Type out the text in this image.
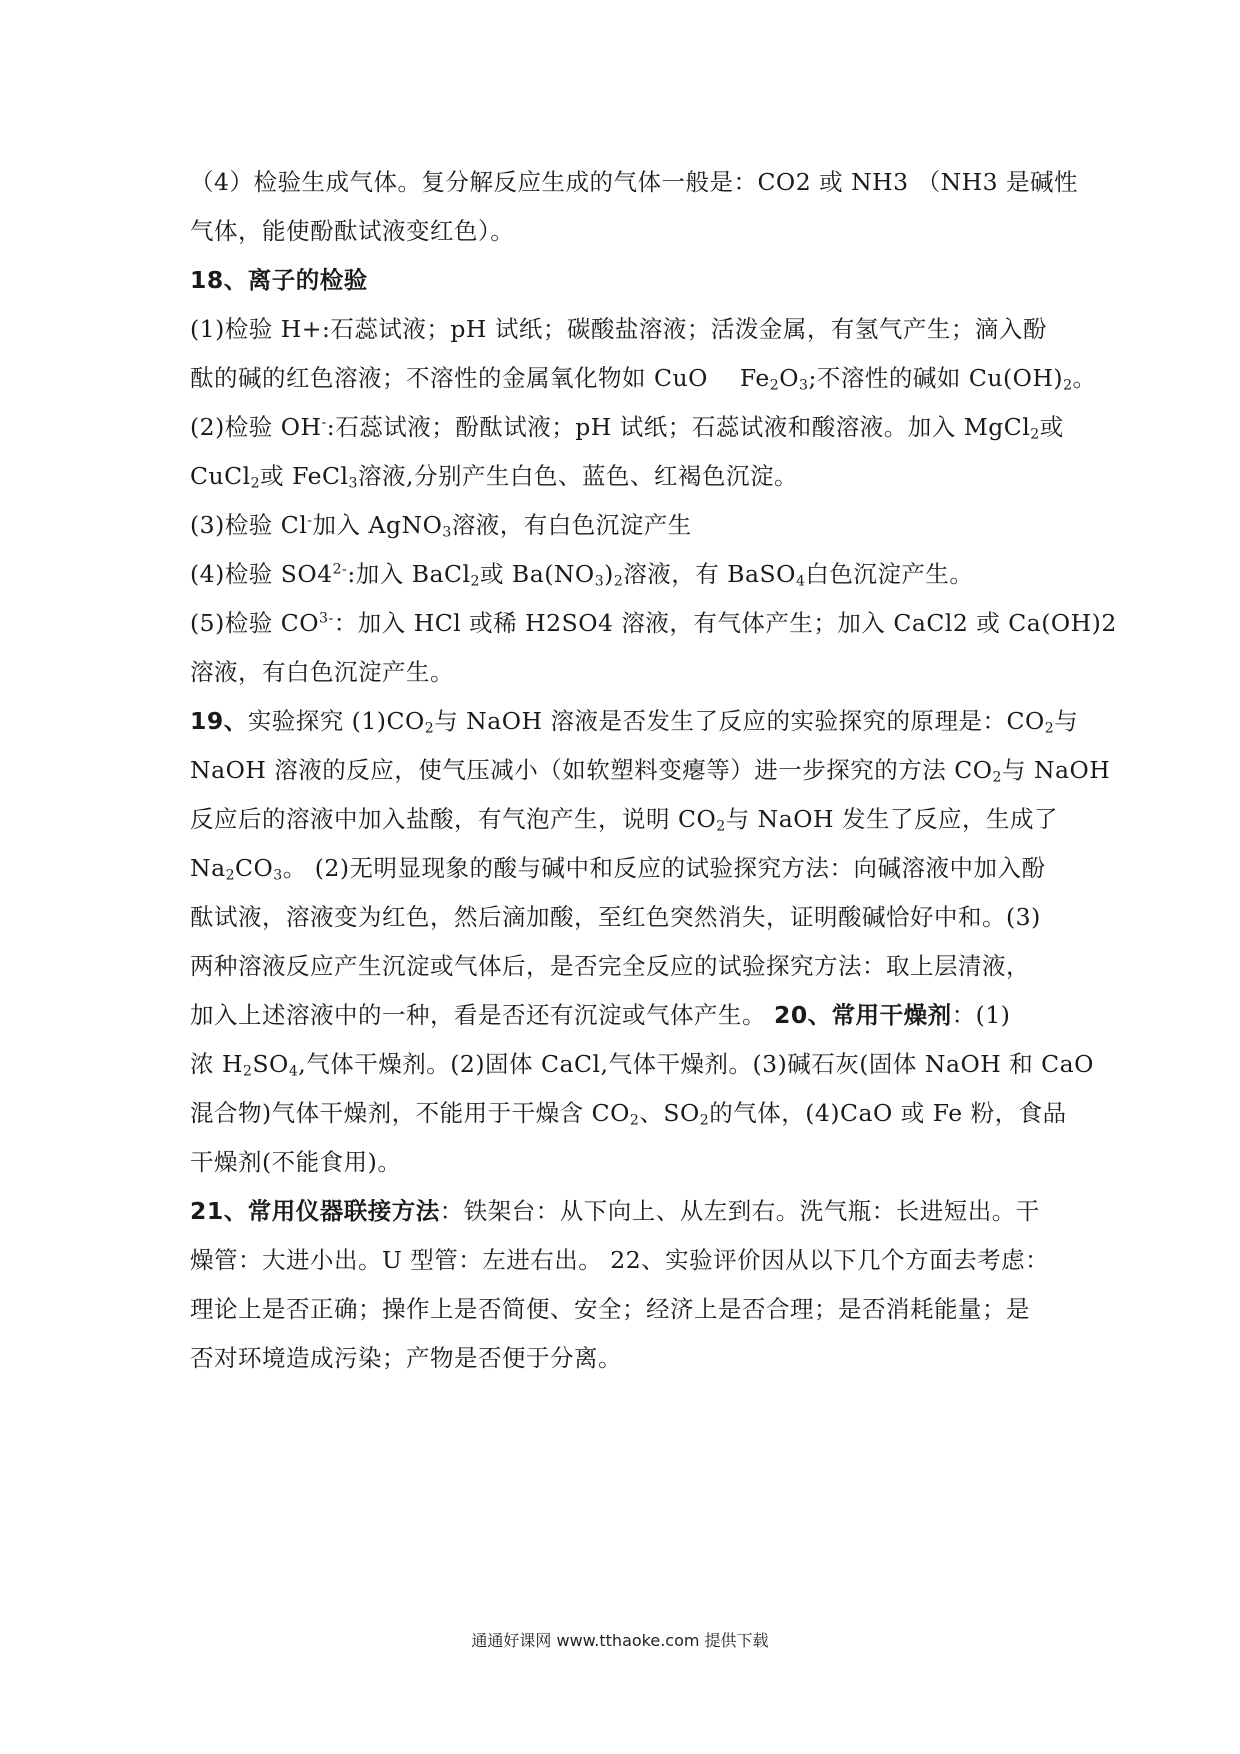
（4）检验生成气体。复分解反应生成的气体一般是：CO2 或 NH3 （NH3 是碱性
气体，能使酚酞试液变红色）。
18、离子的检验
(1)检验 H+:石蕊试液；pH 试纸；碳酸盐溶液；活泼金属，有氢气产生；滴入酚
酞的碱的红色溶液；不溶性的金属氧化物如 CuO　 $Fe_2O_3$;不溶性的碱如 $Cu(OH)_2$。
(2)检验 OH-:石蕊试液；酚酞试液；pH 试纸；石蕊试液和酸溶液。加入 MgCl$_2$或
CuCl$_2$或 FeCl$_3$溶液,分别产生白色、蓝色、红褐色沉淀。
(3)检验 Cl-加入 AgNO$_3$溶液，有白色沉淀产生
(4)检验 $SO4^{2-}$:加入 BaCl$_2$或 $Ba(NO_3)_2$溶液，有 BaSO$_4$白色沉淀产生。
(5)检验 $CO^{3-}$：加入 HCl 或稀 H2SO4 溶液，有气体产生；加入 CaCl2 或 Ca(OH)2
溶液，有白色沉淀产生。
19、实验探究 $(1)CO_2$与 NaOH 溶液是否发生了反应的实验探究的原理是：$CO_2$与
NaOH 溶液的反应，使气压减小（如软塑料变瘪等）进一步探究的方法 $CO_2$与 NaOH
反应后的溶液中加入盐酸，有气泡产生，说明 $CO_2$与 NaOH 发生了反应，生成了
$Na_2CO_3$。 (2)无明显现象的酸与碱中和反应的试验探究方法：向碱溶液中加入酚
酞试液，溶液变为红色，然后滴加酸，至红色突然消失，证明酸碱恰好中和。(3)
两种溶液反应产生沉淀或气体后，是否完全反应的试验探究方法：取上层清液，
加入上述溶液中的一种，看是否还有沉淀或气体产生。 20、常用干燥剂：(1)
浓 $H_2SO_4$,气体干燥剂。(2)固体 CaCl,气体干燥剂。(3)碱石灰(固体 NaOH 和 CaO
混合物)气体干燥剂，不能用于干燥含 $CO_2$、$SO_2$的气体，(4)CaO 或 Fe 粉，食品
干燥剂(不能食用)。
21、常用仪器联接方法：铁架台：从下向上、从左到右。洗气瓶：长进短出。干
燥管：大进小出。U 型管：左进右出。 22、实验评价因从以下几个方面去考虑：
理论上是否正确；操作上是否简便、安全；经济上是否合理；是否消耗能量；是
否对环境造成污染；产物是否便于分离。
通通好课网 www.tthaoke.com 提供下载
